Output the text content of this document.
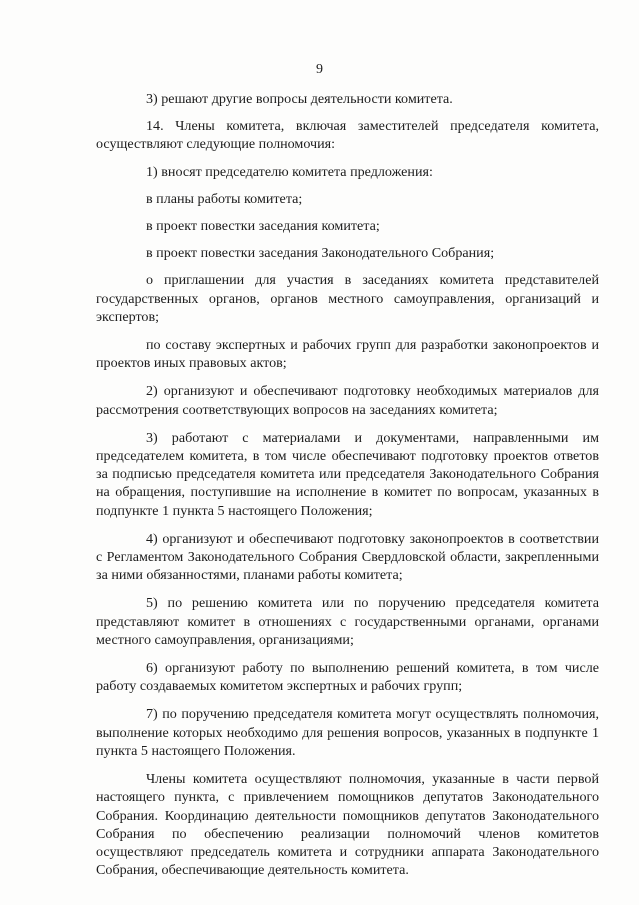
9

3) решают другие вопросы деятельности комитета.

14. Члены комитета, включая заместителей председателя комитета, осуществляют следующие полномочия:

1) вносят председателю комитета предложения:

в планы работы комитета;

в проект повестки заседания комитета;

в проект повестки заседания Законодательного Собрания;

о приглашении для участия в заседаниях комитета представителей государственных органов, органов местного самоуправления, организаций и экспертов;

по составу экспертных и рабочих групп для разработки законопроектов и проектов иных правовых актов;

2) организуют и обеспечивают подготовку необходимых материалов для рассмотрения соответствующих вопросов на заседаниях комитета;

3) работают с материалами и документами, направленными им председателем комитета, в том числе обеспечивают подготовку проектов ответов за подписью председателя комитета или председателя Законодательного Собрания на обращения, поступившие на исполнение в комитет по вопросам, указанных в подпункте 1 пункта 5 настоящего Положения;

4) организуют и обеспечивают подготовку законопроектов в соответствии с Регламентом Законодательного Собрания Свердловской области, закрепленными за ними обязанностями, планами работы комитета;

5) по решению комитета или по поручению председателя комитета представляют комитет в отношениях с государственными органами, органами местного самоуправления, организациями;

6) организуют работу по выполнению решений комитета, в том числе работу создаваемых комитетом экспертных и рабочих групп;

7) по поручению председателя комитета могут осуществлять полномочия, выполнение которых необходимо для решения вопросов, указанных в подпункте 1 пункта 5 настоящего Положения.

Члены комитета осуществляют полномочия, указанные в части первой настоящего пункта, с привлечением помощников депутатов Законодательного Собрания. Координацию деятельности помощников депутатов Законодательного Собрания по обеспечению реализации полномочий членов комитетов осуществляют председатель комитета и сотрудники аппарата Законодательного Собрания, обеспечивающие деятельность комитета.
